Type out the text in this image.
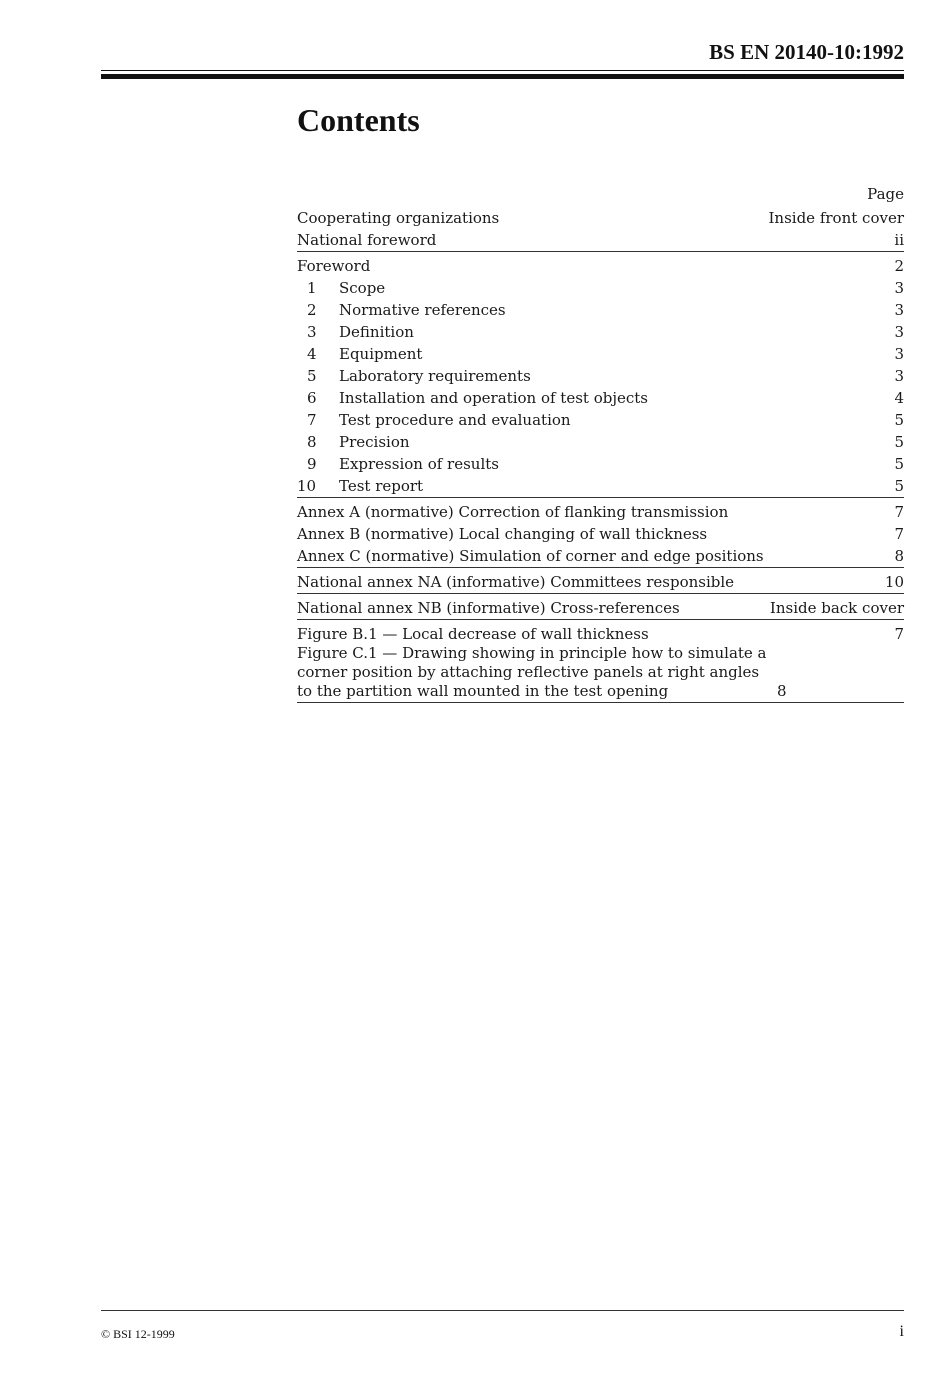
BS EN 20140-10:1992
Contents
Page
Cooperating organizations	Inside front cover
National foreword	ii
Foreword	2
1	Scope	3
2	Normative references	3
3	Definition	3
4	Equipment	3
5	Laboratory requirements	3
6	Installation and operation of test objects	4
7	Test procedure and evaluation	5
8	Precision	5
9	Expression of results	5
10	Test report	5
Annex A (normative) Correction of flanking transmission	7
Annex B (normative) Local changing of wall thickness	7
Annex C (normative) Simulation of corner and edge positions	8
National annex NA (informative) Committees responsible	10
National annex NB (informative) Cross-references	Inside back cover
Figure B.1 — Local decrease of wall thickness	7
Figure C.1 — Drawing showing in principle how to simulate a corner position by attaching reflective panels at right angles to the partition wall mounted in the test opening	8
© BSI 12-1999	i
